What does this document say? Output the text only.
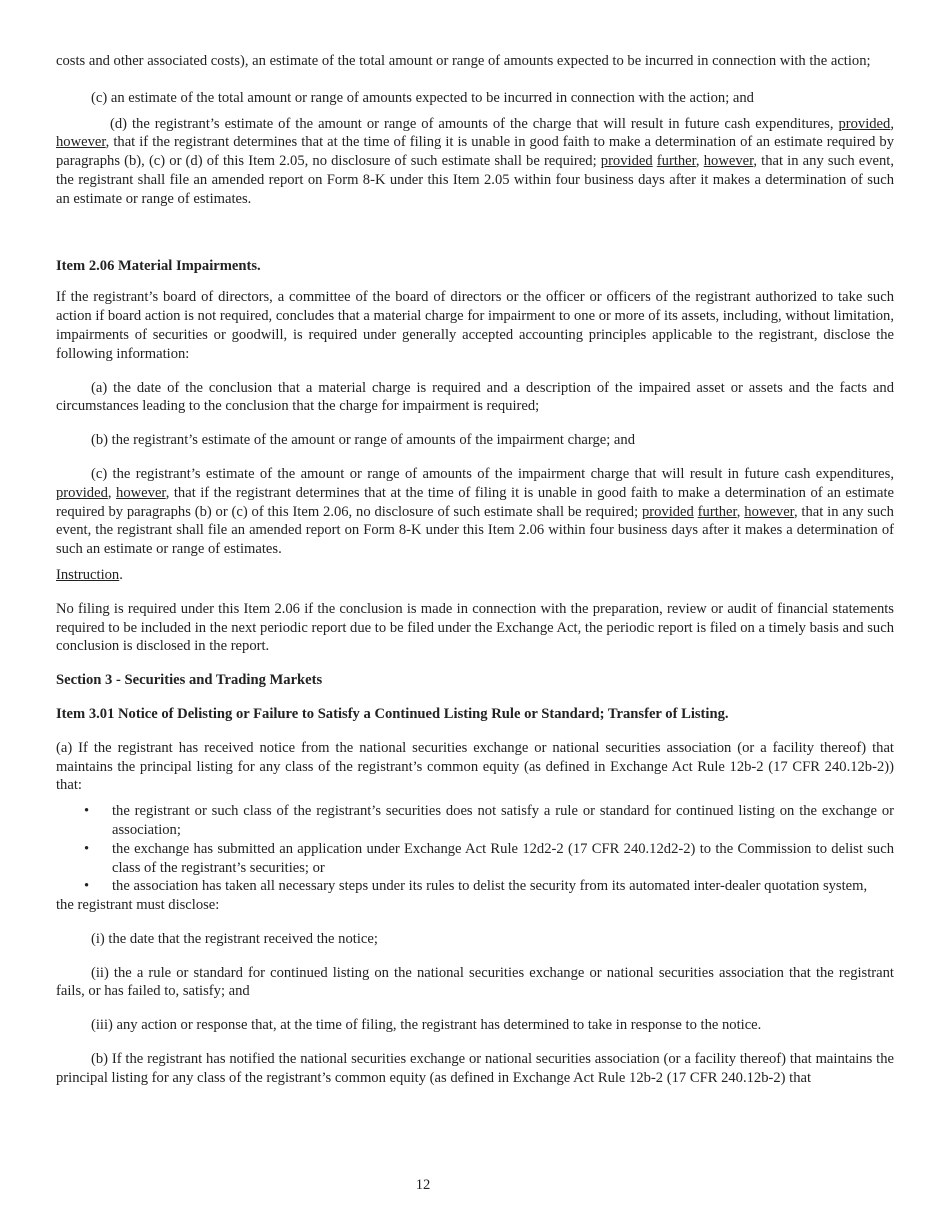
costs and other associated costs), an estimate of the total amount or range of amounts expected to be incurred in connection with the action;

(c) an estimate of the total amount or range of amounts expected to be incurred in connection with the action; and

(d) the registrant’s estimate of the amount or range of amounts of the charge that will result in future cash expenditures, provided, however, that if the registrant determines that at the time of filing it is unable in good faith to make a determination of an estimate required by paragraphs (b), (c) or (d) of this Item 2.05, no disclosure of such estimate shall be required; provided further, however, that in any such event, the registrant shall file an amended report on Form 8-K under this Item 2.05 within four business days after it makes a determination of such an estimate or range of estimates.

Item 2.06 Material Impairments.

If the registrant’s board of directors, a committee of the board of directors or the officer or officers of the registrant authorized to take such action if board action is not required, concludes that a material charge for impairment to one or more of its assets, including, without limitation, impairments of securities or goodwill, is required under generally accepted accounting principles applicable to the registrant, disclose the following information:

(a) the date of the conclusion that a material charge is required and a description of the impaired asset or assets and the facts and circumstances leading to the conclusion that the charge for impairment is required;

(b) the registrant’s estimate of the amount or range of amounts of the impairment charge; and

(c) the registrant’s estimate of the amount or range of amounts of the impairment charge that will result in future cash expenditures, provided, however, that if the registrant determines that at the time of filing it is unable in good faith to make a determination of an estimate required by paragraphs (b) or (c) of this Item 2.06, no disclosure of such estimate shall be required; provided further, however, that in any such event, the registrant shall file an amended report on Form 8-K under this Item 2.06 within four business days after it makes a determination of such an estimate or range of estimates.

Instruction.

No filing is required under this Item 2.06 if the conclusion is made in connection with the preparation, review or audit of financial statements required to be included in the next periodic report due to be filed under the Exchange Act, the periodic report is filed on a timely basis and such conclusion is disclosed in the report.

Section 3 - Securities and Trading Markets

Item 3.01 Notice of Delisting or Failure to Satisfy a Continued Listing Rule or Standard; Transfer of Listing.

(a) If the registrant has received notice from the national securities exchange or national securities association (or a facility thereof) that maintains the principal listing for any class of the registrant’s common equity (as defined in Exchange Act Rule 12b-2 (17 CFR 240.12b-2)) that:

• the registrant or such class of the registrant’s securities does not satisfy a rule or standard for continued listing on the exchange or association;
• the exchange has submitted an application under Exchange Act Rule 12d2-2 (17 CFR 240.12d2-2) to the Commission to delist such class of the registrant’s securities; or
• the association has taken all necessary steps under its rules to delist the security from its automated inter-dealer quotation system,

the registrant must disclose:

(i) the date that the registrant received the notice;

(ii) the a rule or standard for continued listing on the national securities exchange or national securities association that the registrant fails, or has failed to, satisfy; and

(iii) any action or response that, at the time of filing, the registrant has determined to take in response to the notice.

(b) If the registrant has notified the national securities exchange or national securities association (or a facility thereof) that maintains the principal listing for any class of the registrant’s common equity (as defined in Exchange Act Rule 12b-2 (17 CFR 240.12b-2) that

12
